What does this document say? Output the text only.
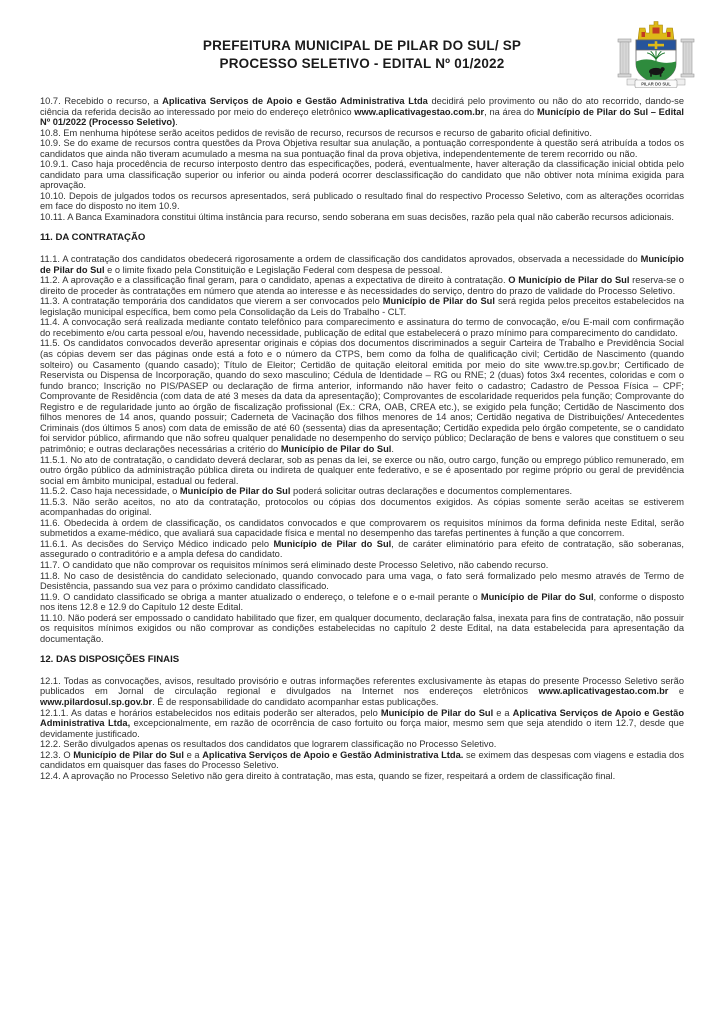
PREFEITURA MUNICIPAL DE PILAR DO SUL/ SP
PROCESSO SELETIVO - EDITAL Nº 01/2022
PILAR DO SUL

10.7. Recebido o recurso, a Aplicativa Serviços de Apoio e Gestão Administrativa Ltda decidirá pelo provimento ou não do ato recorrido, dando-se ciência da referida decisão ao interessado por meio do endereço eletrônico www.aplicativagestao.com.br, na área do Município de Pilar do Sul – Edital Nº 01/2022 (Processo Seletivo).

10.8. Em nenhuma hipótese serão aceitos pedidos de revisão de recurso, recursos de recursos e recurso de gabarito oficial definitivo.

10.9. Se do exame de recursos contra questões da Prova Objetiva resultar sua anulação, a pontuação correspondente à questão será atribuída a todos os candidatos que ainda não tiveram acumulado a mesma na sua pontuação final da prova objetiva, independentemente de terem recorrido ou não.

10.9.1. Caso haja procedência de recurso interposto dentro das especificações, poderá, eventualmente, haver alteração da classificação inicial obtida pelo candidato para uma classificação superior ou inferior ou ainda poderá ocorrer desclassificação do candidato que não obtiver nota mínima exigida para aprovação.

10.10. Depois de julgados todos os recursos apresentados, será publicado o resultado final do respectivo Processo Seletivo, com as alterações ocorridas em face do disposto no item 10.9.

10.11. A Banca Examinadora constitui última instância para recurso, sendo soberana em suas decisões, razão pela qual não caberão recursos adicionais.

11. DA CONTRATAÇÃO

11.1. A contratação dos candidatos obedecerá rigorosamente a ordem de classificação dos candidatos aprovados, observada a necessidade do Município de Pilar do Sul e o limite fixado pela Constituição e Legislação Federal com despesa de pessoal.

11.2. A aprovação e a classificação final geram, para o candidato, apenas a expectativa de direito à contratação. O Município de Pilar do Sul reserva-se o direito de proceder às contratações em número que atenda ao interesse e às necessidades do serviço, dentro do prazo de validade do Processo Seletivo.

11.3. A contratação temporária dos candidatos que vierem a ser convocados pelo Município de Pilar do Sul será regida pelos preceitos estabelecidos na legislação municipal específica, bem como pela Consolidação da Leis do Trabalho - CLT.

11.4. A convocação será realizada mediante contato telefônico para comparecimento e assinatura do termo de convocação, e/ou E-mail com confirmação do recebimento e/ou carta pessoal e/ou, havendo necessidade, publicação de edital que estabelecerá o prazo mínimo para comparecimento do candidato.

11.5. Os candidatos convocados deverão apresentar originais e cópias dos documentos discriminados a seguir Carteira de Trabalho e Previdência Social (as cópias devem ser das páginas onde está a foto e o número da CTPS, bem como da folha de qualificação civil; Certidão de Nascimento (quando solteiro) ou Casamento (quando casado); Título de Eleitor; Certidão de quitação eleitoral emitida por meio do site www.tre.sp.gov.br; Certificado de Reservista ou Dispensa de Incorporação, quando do sexo masculino; Cédula de Identidade – RG ou RNE; 2 (duas) fotos 3x4 recentes, coloridas e com o fundo branco; Inscrição no PIS/PASEP ou declaração de firma anterior, informando não haver feito o cadastro; Cadastro de Pessoa Física – CPF; Comprovante de Residência (com data de até 3 meses da data da apresentação); Comprovantes de escolaridade requeridos pela função; Comprovante do Registro e de regularidade junto ao órgão de fiscalização profissional (Ex.: CRA, OAB, CREA etc.), se exigido pela função; Certidão de Nascimento dos filhos menores de 14 anos, quando possuir; Caderneta de Vacinação dos filhos menores de 14 anos; Certidão negativa de Distribuições/ Antecedentes Criminais (dos últimos 5 anos) com data de emissão de até 60 (sessenta) dias da apresentação; Certidão expedida pelo órgão competente, se o candidato foi servidor público, afirmando que não sofreu qualquer penalidade no desempenho do serviço público; Declaração de bens e valores que constituem o seu patrimônio; e outras declarações necessárias a critério do Município de Pilar do Sul.

11.5.1. No ato de contratação, o candidato deverá declarar, sob as penas da lei, se exerce ou não, outro cargo, função ou emprego público remunerado, em outro órgão público da administração pública direta ou indireta de qualquer ente federativo, e se é aposentado por regime próprio ou geral de previdência social em âmbito municipal, estadual ou federal.

11.5.2. Caso haja necessidade, o Município de Pilar do Sul poderá solicitar outras declarações e documentos complementares.

11.5.3. Não serão aceitos, no ato da contratação, protocolos ou cópias dos documentos exigidos. As cópias somente serão aceitas se estiverem acompanhadas do original.

11.6. Obedecida à ordem de classificação, os candidatos convocados e que comprovarem os requisitos mínimos da forma definida neste Edital, serão submetidos a exame-médico, que avaliará sua capacidade física e mental no desempenho das tarefas pertinentes à função a que concorrem.

11.6.1. As decisões do Serviço Médico indicado pelo Município de Pilar do Sul, de caráter eliminatório para efeito de contratação, são soberanas, assegurado o contraditório e a ampla defesa do candidato.

11.7. O candidato que não comprovar os requisitos mínimos será eliminado deste Processo Seletivo, não cabendo recurso.

11.8. No caso de desistência do candidato selecionado, quando convocado para uma vaga, o fato será formalizado pelo mesmo através de Termo de Desistência, passando sua vez para o próximo candidato classificado.

11.9. O candidato classificado se obriga a manter atualizado o endereço, o telefone e o e-mail perante o Município de Pilar do Sul, conforme o disposto nos itens 12.8 e 12.9 do Capítulo 12 deste Edital.

11.10. Não poderá ser empossado o candidato habilitado que fizer, em qualquer documento, declaração falsa, inexata para fins de contratação, não possuir os requisitos mínimos exigidos ou não comprovar as condições estabelecidas no capítulo 2 deste Edital, na data estabelecida para apresentação da documentação.

12. DAS DISPOSIÇÕES FINAIS

12.1. Todas as convocações, avisos, resultado provisório e outras informações referentes exclusivamente às etapas do presente Processo Seletivo serão publicados em Jornal de circulação regional e divulgados na Internet nos endereços eletrônicos www.aplicativagestao.com.br e www.pilardosul.sp.gov.br. É de responsabilidade do candidato acompanhar estas publicações.

12.1.1. As datas e horários estabelecidos nos editais poderão ser alterados, pelo Município de Pilar do Sul e a Aplicativa Serviços de Apoio e Gestão Administrativa Ltda, excepcionalmente, em razão de ocorrência de caso fortuito ou força maior, mesmo sem que seja atendido o item 12.7, desde que devidamente justificado.

12.2. Serão divulgados apenas os resultados dos candidatos que lograrem classificação no Processo Seletivo.

12.3. O Município de Pilar do Sul e a Aplicativa Serviços de Apoio e Gestão Administrativa Ltda. se eximem das despesas com viagens e estadia dos candidatos em quaisquer das fases do Processo Seletivo.

12.4. A aprovação no Processo Seletivo não gera direito à contratação, mas esta, quando se fizer, respeitará a ordem de classificação final.
